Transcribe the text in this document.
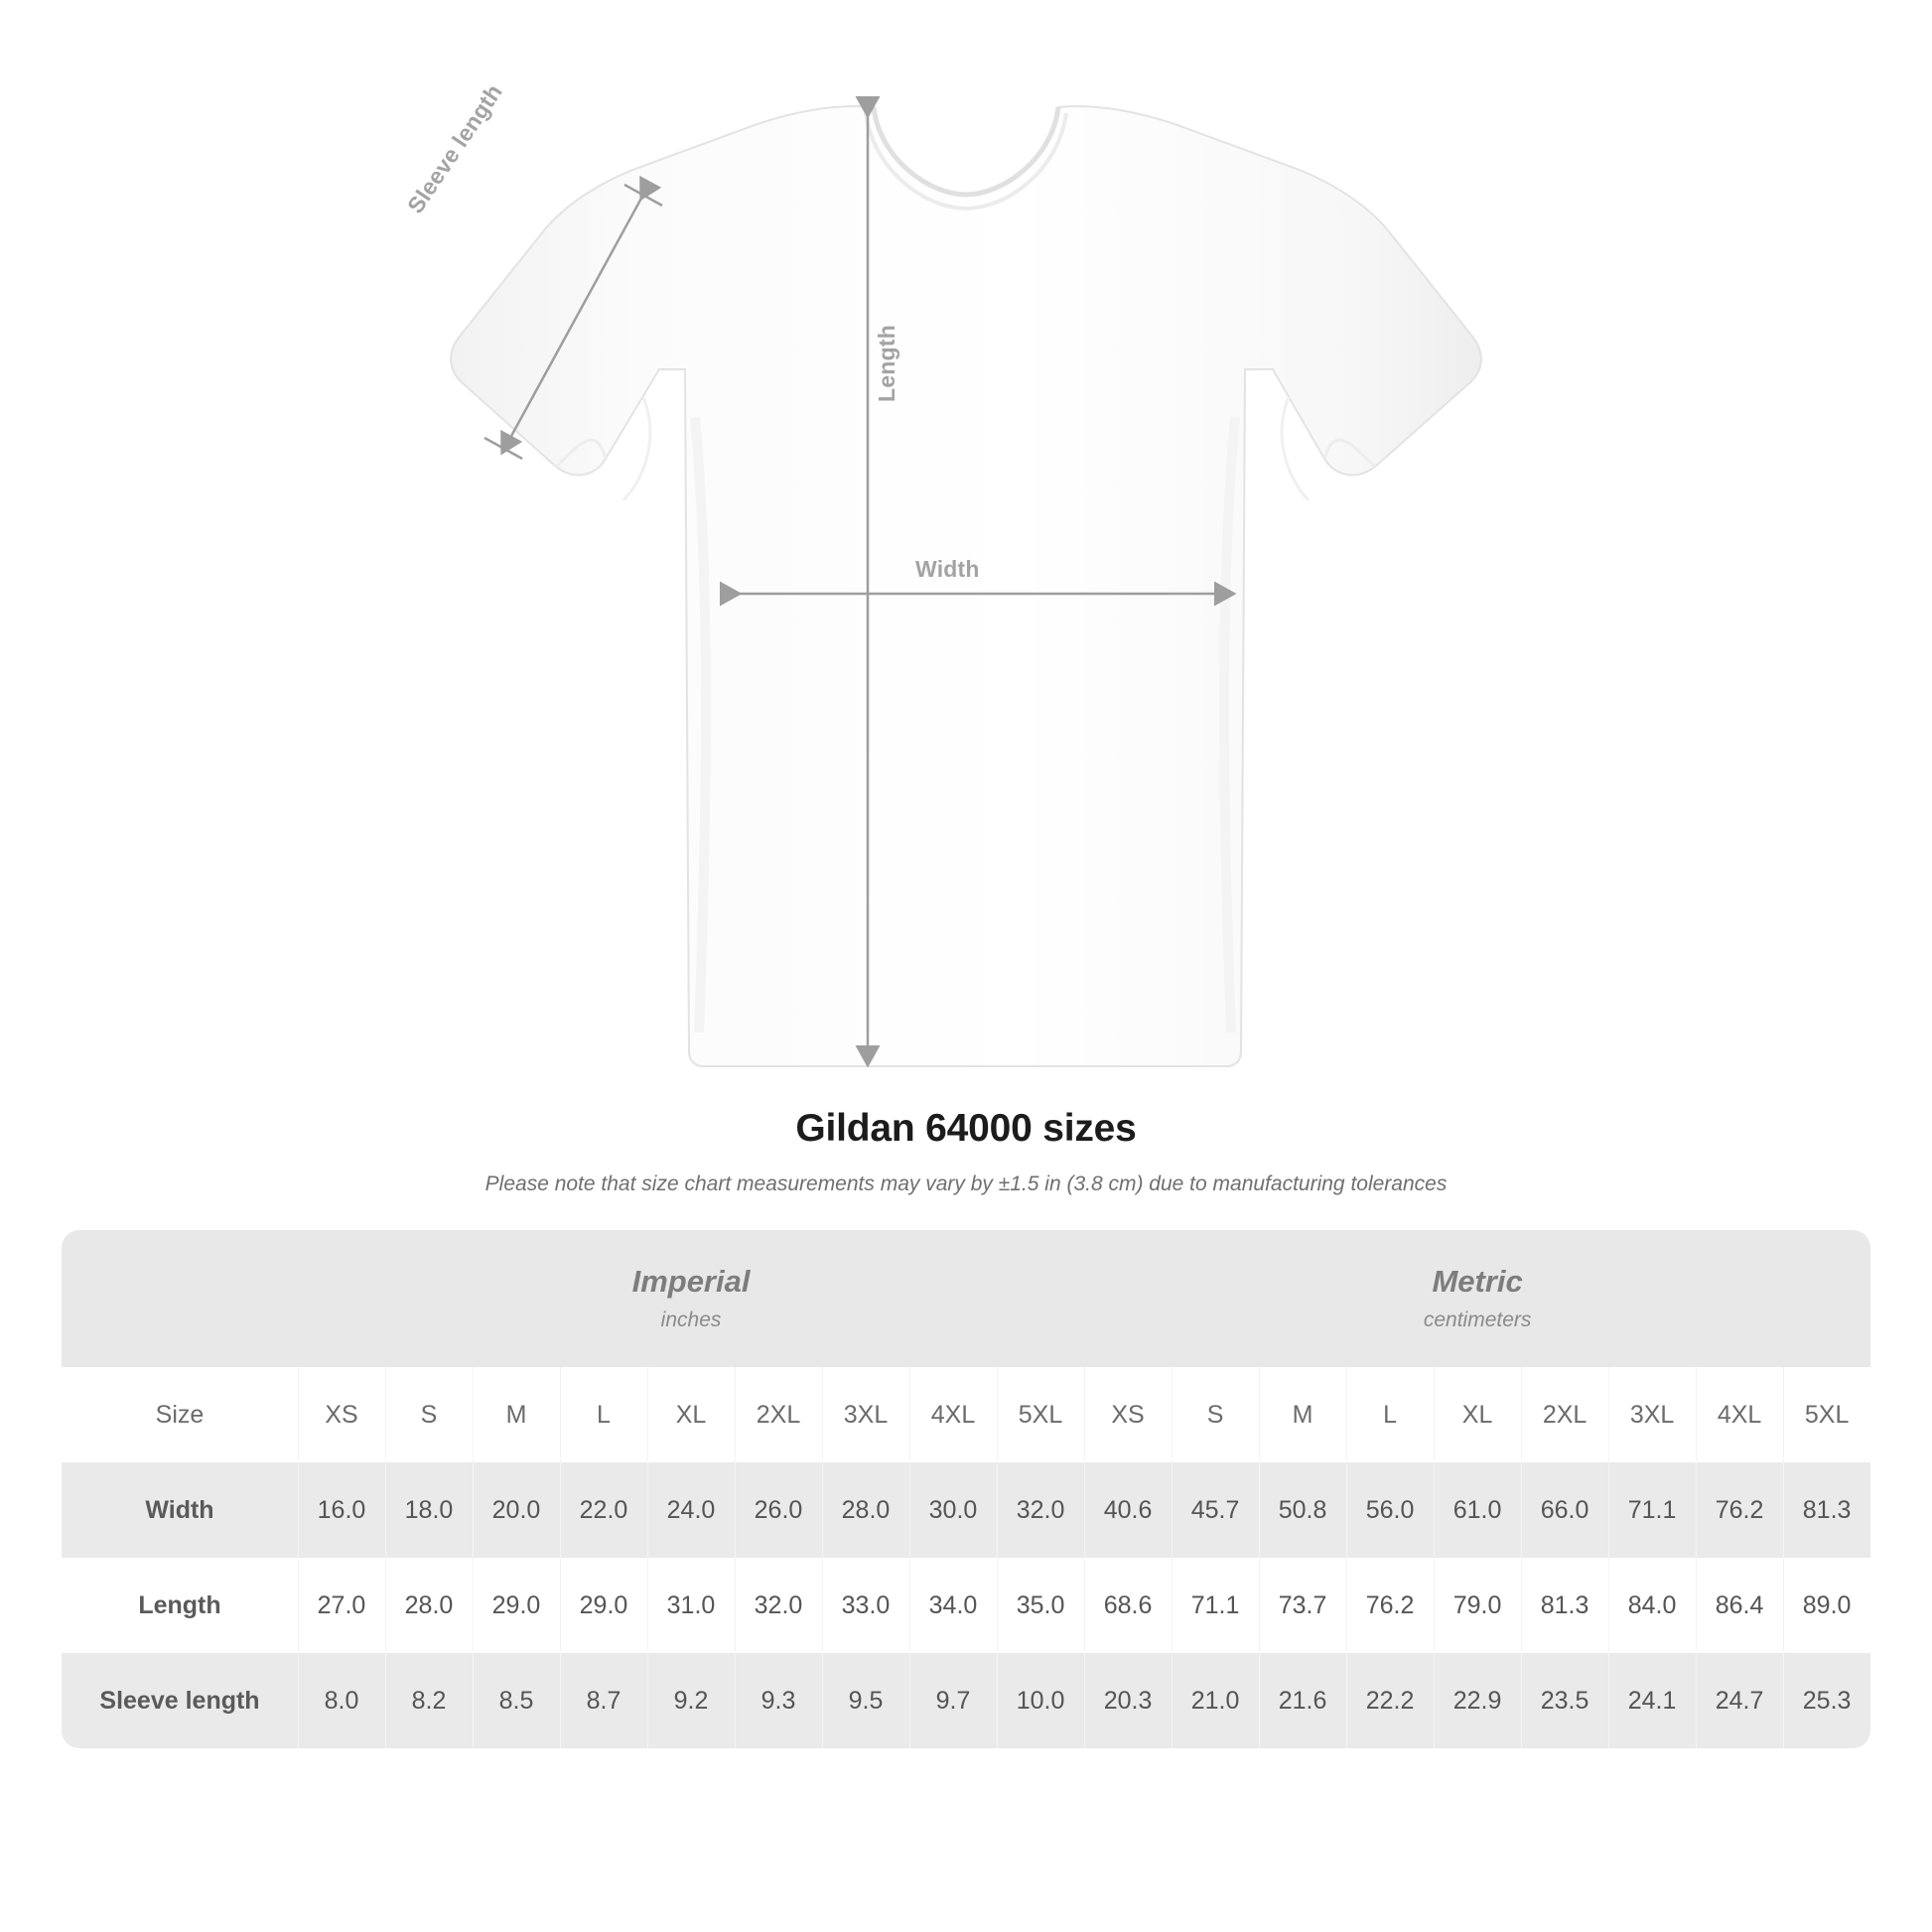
Sleeve length
Length
Width
Gildan 64000 sizes
Please note that size chart measurements may vary by ±1.5 in (3.8 cm) due to manufacturing tolerances

	Imperial
inches									Metric
centimeters								

Size	XS	S	M	L	XL	2XL	3XL	4XL	5XL	XS	S	M	L	XL	2XL	3XL	4XL	5XL
Width	16.0	18.0	20.0	22.0	24.0	26.0	28.0	30.0	32.0	40.6	45.7	50.8	56.0	61.0	66.0	71.1	76.2	81.3
Length	27.0	28.0	29.0	29.0	31.0	32.0	33.0	34.0	35.0	68.6	71.1	73.7	76.2	79.0	81.3	84.0	86.4	89.0
Sleeve length	8.0	8.2	8.5	8.7	9.2	9.3	9.5	9.7	10.0	20.3	21.0	21.6	22.2	22.9	23.5	24.1	24.7	25.3
